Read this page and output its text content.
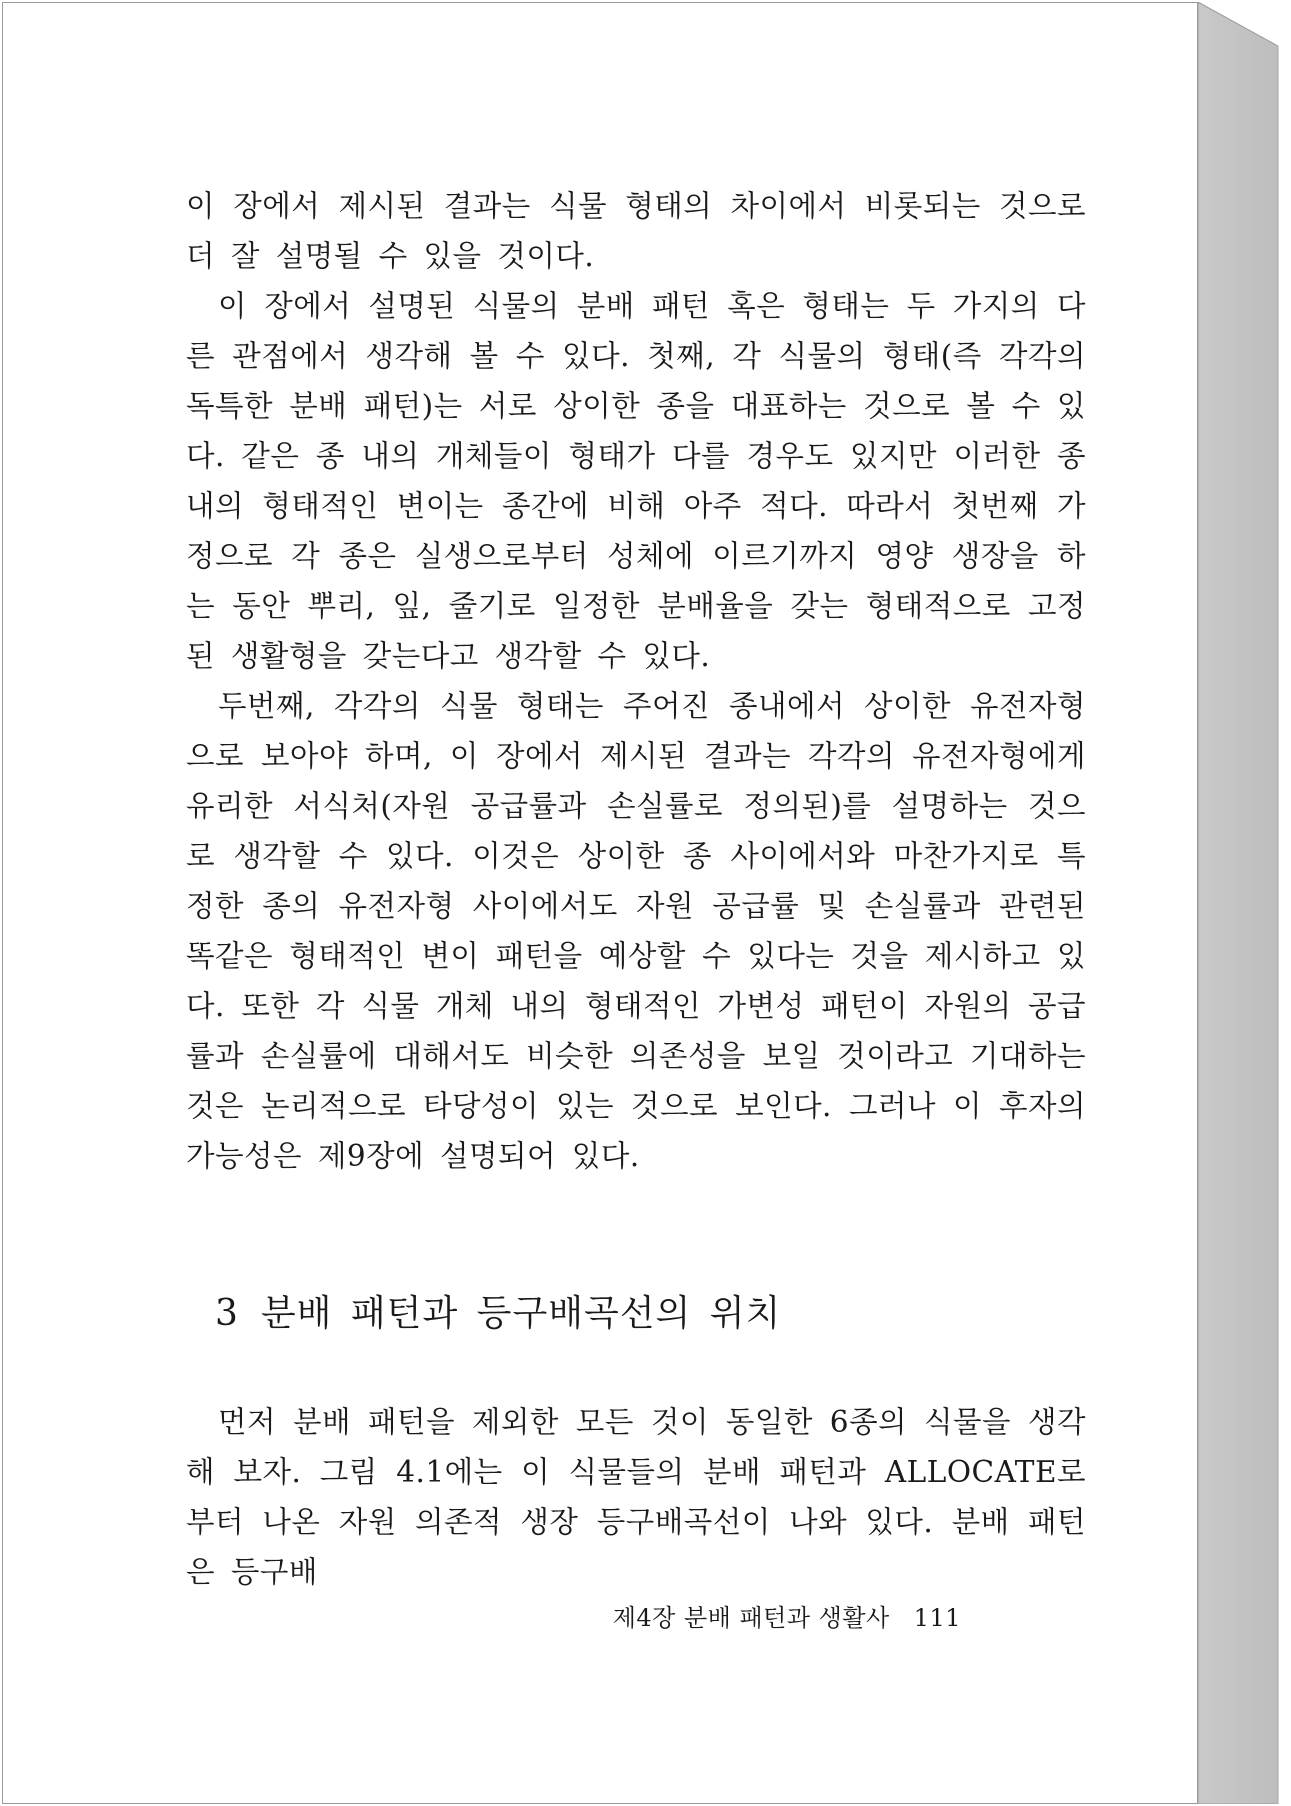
이 장에서 제시된 결과는 식물 형태의 차이에서 비롯되는 것으로 더 잘 설명될 수 있을 것이다.

이 장에서 설명된 식물의 분배 패턴 혹은 형태는 두 가지의 다른 관점에서 생각해 볼 수 있다. 첫째, 각 식물의 형태(즉 각각의 독특한 분배 패턴)는 서로 상이한 종을 대표하는 것으로 볼 수 있다. 같은 종 내의 개체들이 형태가 다를 경우도 있지만 이러한 종 내의 형태적인 변이는 종간에 비해 아주 적다. 따라서 첫번째 가정으로 각 종은 실생으로부터 성체에 이르기까지 영양 생장을 하는 동안 뿌리, 잎, 줄기로 일정한 분배율을 갖는 형태적으로 고정된 생활형을 갖는다고 생각할 수 있다.

두번째, 각각의 식물 형태는 주어진 종내에서 상이한 유전자형으로 보아야 하며, 이 장에서 제시된 결과는 각각의 유전자형에게 유리한 서식처(자원 공급률과 손실률로 정의된)를 설명하는 것으로 생각할 수 있다. 이것은 상이한 종 사이에서와 마찬가지로 특정한 종의 유전자형 사이에서도 자원 공급률 및 손실률과 관련된 똑같은 형태적인 변이 패턴을 예상할 수 있다는 것을 제시하고 있다. 또한 각 식물 개체 내의 형태적인 가변성 패턴이 자원의 공급률과 손실률에 대해서도 비슷한 의존성을 보일 것이라고 기대하는 것은 논리적으로 타당성이 있는 것으로 보인다. 그러나 이 후자의 가능성은 제9장에 설명되어 있다.

3 분배 패턴과 등구배곡선의 위치

먼저 분배 패턴을 제외한 모든 것이 동일한 6종의 식물을 생각해 보자. 그림 4.1에는 이 식물들의 분배 패턴과 ALLOCATE로부터 나온 자원 의존적 생장 등구배곡선이 나와 있다. 분배 패턴은 등구배

제4장 분배 패턴과 생활사 111
